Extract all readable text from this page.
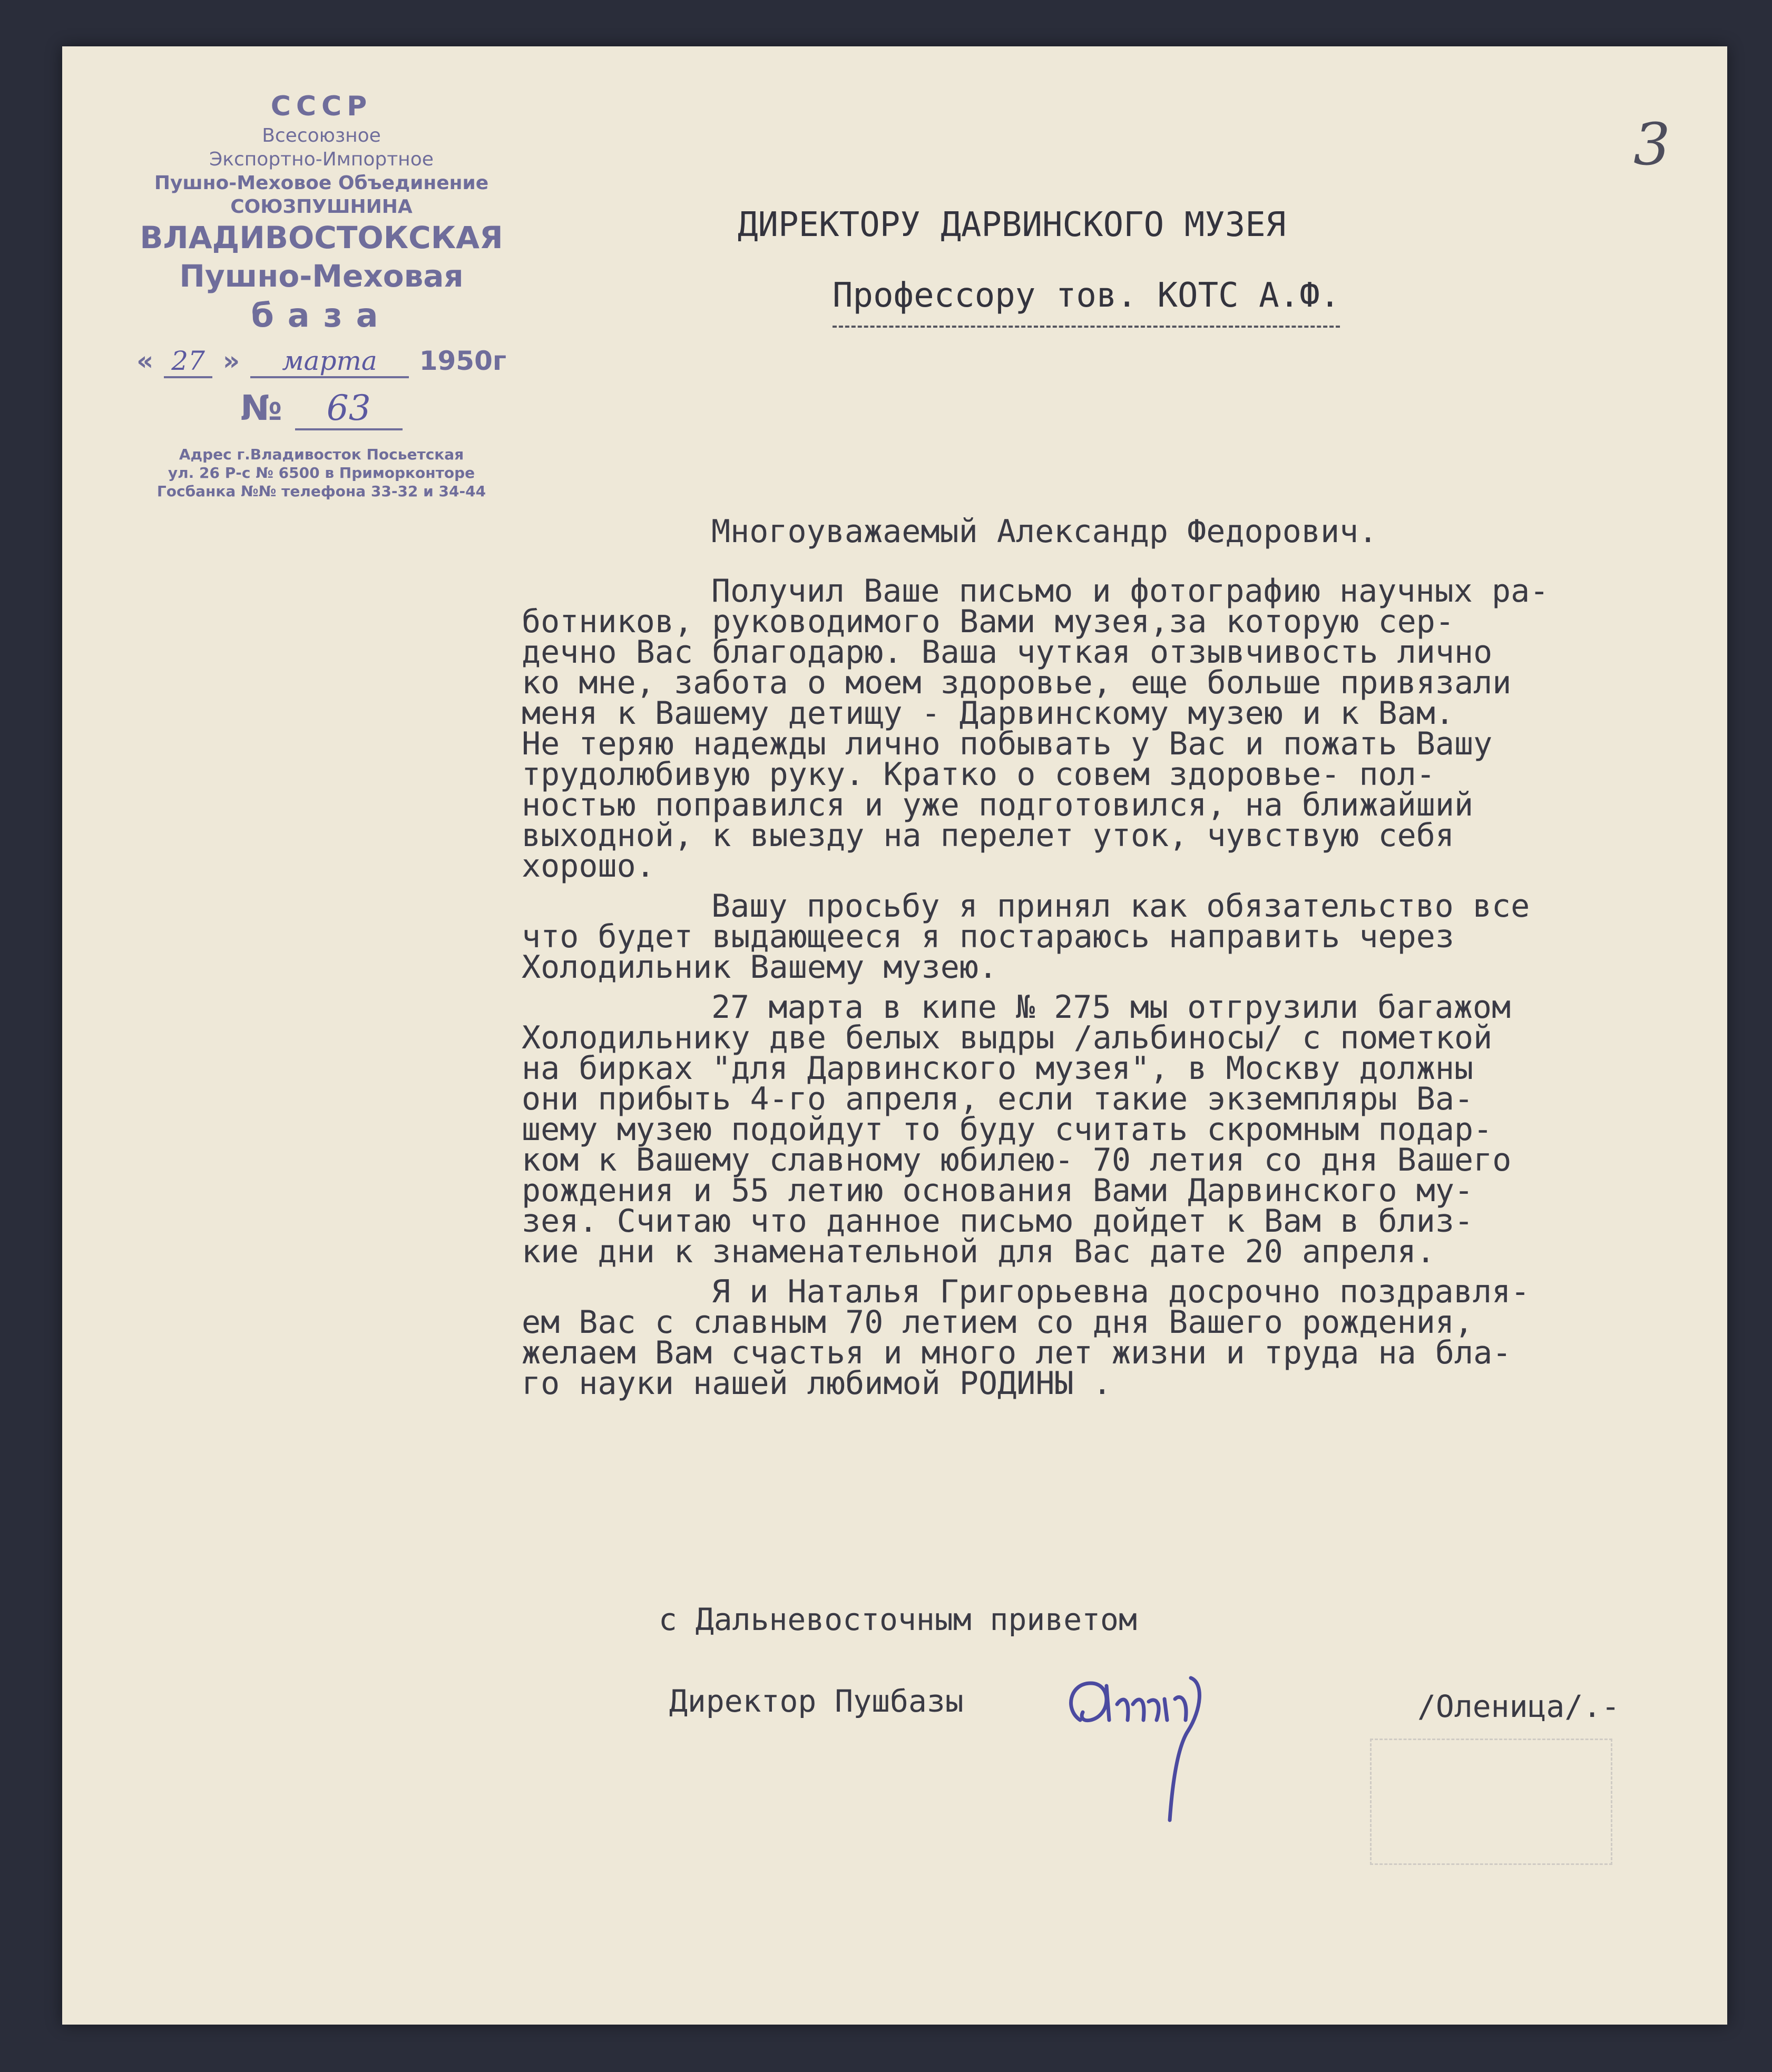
3
СССР
Всесоюзное
Экспортно-Импортное
Пушно-Меховое Объединение
СОЮЗПУШНИНА
ВЛАДИВОСТОКСКАЯ
Пушно-Меховая
база
« 27 »	марта	1950г
№	63
Адрес г.Владивосток Посьетская
ул. 26 Р-с № 6500 в Приморконторе
Госбанка №№ телефона 33-32 и 34-44
ДИРЕКТОРУ ДАРВИНСКОГО МУЗЕЯ
Профессору тов. КОТС А.Ф.
Многоуважаемый Александр Федорович.
Получил Ваше письмо и фотографию научных ра-
ботников, руководимого Вами музея,за которую сер-
дечно Вас благодарю. Ваша чуткая отзывчивость лично
ко мне, забота о моем здоровье, еще больше привязали
меня к Вашему детищу - Дарвинскому музею и к Вам.
Не теряю надежды лично побывать у Вас и пожать Вашу
трудолюбивую руку. Кратко о совем здоровье- пол-
ностью поправился и уже подготовился, на ближайший
выходной, к выезду на перелет уток, чувствую себя
хорошо.
Вашу просьбу я принял как обязательство все
что будет выдающееся я постараюсь направить через
Холодильник Вашему музею.
27 марта в кипе № 275 мы отгрузили багажом
Холодильнику две белых выдры /альбиносы/ с пометкой
на бирках "для Дарвинского музея", в Москву должны
они прибыть 4-го апреля, если такие экземпляры Ва-
шему музею подойдут то буду считать скромным подар-
ком к Вашему славному юбилею- 70 летия со дня Вашего
рождения и 55 летию основания Вами Дарвинского му-
зея. Считаю что данное письмо дойдет к Вам в близ-
кие дни к знаменательной для Вас дате 20 апреля.
Я и Наталья Григорьевна досрочно поздравля-
ем Вас с славным 70 летием со дня Вашего рождения,
желаем Вам счастья и много лет жизни и труда на бла-
го науки нашей любимой РОДИНЫ .
с Дальневосточным приветом
Директор Пушбазы	/Оленица/.-
